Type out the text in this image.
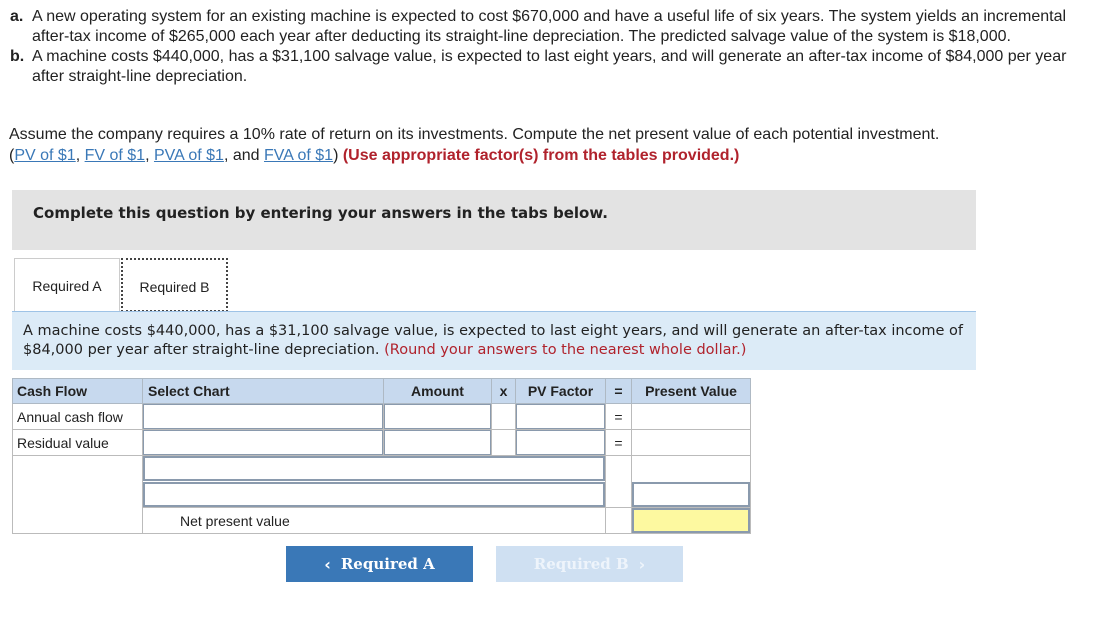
a. A new operating system for an existing machine is expected to cost $670,000 and have a useful life of six years. The system yields an incremental after-tax income of $265,000 each year after deducting its straight-line depreciation. The predicted salvage value of the system is $18,000.
b. A machine costs $440,000, has a $31,100 salvage value, is expected to last eight years, and will generate an after-tax income of $84,000 per year after straight-line depreciation.
Assume the company requires a 10% rate of return on its investments. Compute the net present value of each potential investment.
(PV of $1, FV of $1, PVA of $1, and FVA of $1) (Use appropriate factor(s) from the tables provided.)
Complete this question by entering your answers in the tabs below.
Required A	Required B
A machine costs $440,000, has a $31,100 salvage value, is expected to last eight years, and will generate an after-tax income of $84,000 per year after straight-line depreciation. (Round your answers to the nearest whole dollar.)
Cash Flow	Select Chart	Amount	x	PV Factor	=	Present Value
Annual cash flow					=	
Residual value					=	

	Net present value		
‹ Required A	Required B ›
